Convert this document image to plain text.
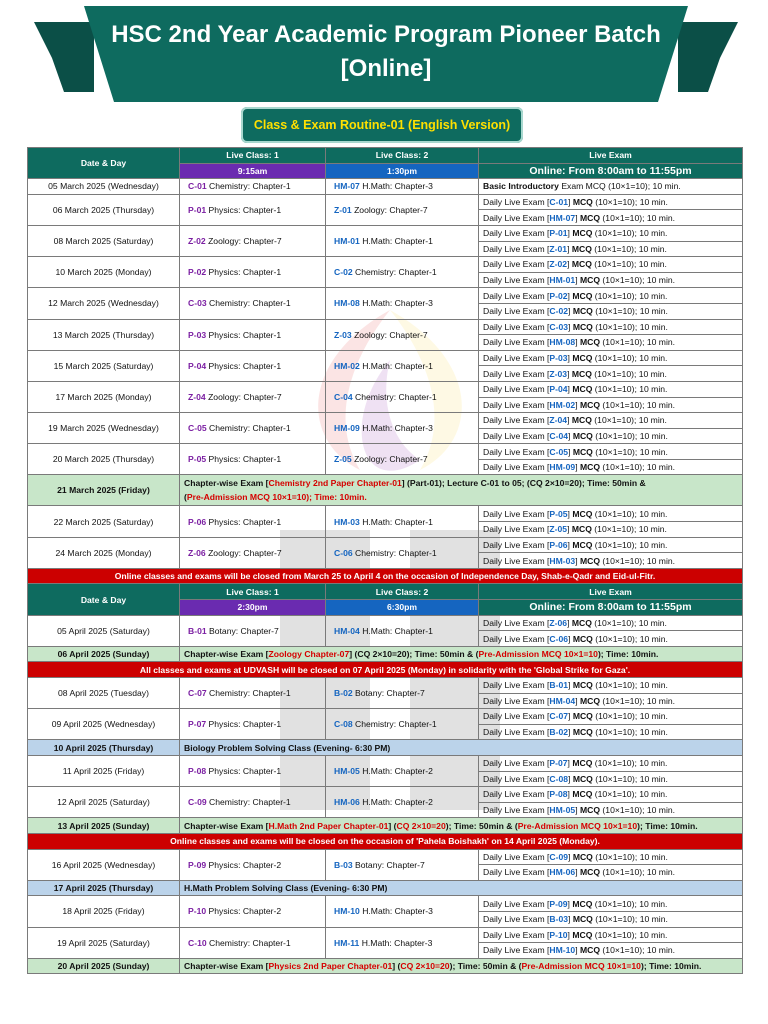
HSC 2nd Year Academic Program Pioneer Batch
[Online]
Class & Exam Routine-01 (English Version)
Date & Day	Live Class: 1	Live Class: 2	Live Exam
	9:15am	1:30pm	Online: From 8:00am to 11:55pm
05 March 2025 (Wednesday)	C-01 Chemistry: Chapter-1	HM-07 H.Math: Chapter-3	Basic Introductory Exam MCQ (10×1=10); 10 min.
06 March 2025 (Thursday)	P-01 Physics: Chapter-1	Z-01 Zoology: Chapter-7	Daily Live Exam [C-01] MCQ (10×1=10); 10 min.
			Daily Live Exam [HM-07] MCQ (10×1=10); 10 min.
08 March 2025 (Saturday)	Z-02 Zoology: Chapter-7	HM-01 H.Math: Chapter-1	Daily Live Exam [P-01] MCQ (10×1=10); 10 min.
			Daily Live Exam [Z-01] MCQ (10×1=10); 10 min.
10 March 2025 (Monday)	P-02 Physics: Chapter-1	C-02 Chemistry: Chapter-1	Daily Live Exam [Z-02] MCQ (10×1=10); 10 min.
			Daily Live Exam [HM-01] MCQ (10×1=10); 10 min.
12 March 2025 (Wednesday)	C-03 Chemistry: Chapter-1	HM-08 H.Math: Chapter-3	Daily Live Exam [P-02] MCQ (10×1=10); 10 min.
			Daily Live Exam [C-02] MCQ (10×1=10); 10 min.
13 March 2025 (Thursday)	P-03 Physics: Chapter-1	Z-03 Zoology: Chapter-7	Daily Live Exam [C-03] MCQ (10×1=10); 10 min.
			Daily Live Exam [HM-08] MCQ (10×1=10); 10 min.
15 March 2025 (Saturday)	P-04 Physics: Chapter-1	HM-02 H.Math: Chapter-1	Daily Live Exam [P-03] MCQ (10×1=10); 10 min.
			Daily Live Exam [Z-03] MCQ (10×1=10); 10 min.
17 March 2025 (Monday)	Z-04 Zoology: Chapter-7	C-04 Chemistry: Chapter-1	Daily Live Exam [P-04] MCQ (10×1=10); 10 min.
			Daily Live Exam [HM-02] MCQ (10×1=10); 10 min.
19 March 2025 (Wednesday)	C-05 Chemistry: Chapter-1	HM-09 H.Math: Chapter-3	Daily Live Exam [Z-04] MCQ (10×1=10); 10 min.
			Daily Live Exam [C-04] MCQ (10×1=10); 10 min.
20 March 2025 (Thursday)	P-05 Physics: Chapter-1	Z-05 Zoology: Chapter-7	Daily Live Exam [C-05] MCQ (10×1=10); 10 min.
			Daily Live Exam [HM-09] MCQ (10×1=10); 10 min.
21 March 2025 (Friday)	Chapter-wise Exam [Chemistry 2nd Paper Chapter-01] (Part-01); Lecture C-01 to 05; (CQ 2×10=20); Time: 50min &
(Pre-Admission MCQ 10×1=10); Time: 10min.		
22 March 2025 (Saturday)	P-06 Physics: Chapter-1	HM-03 H.Math: Chapter-1	Daily Live Exam [P-05] MCQ (10×1=10); 10 min.
			Daily Live Exam [Z-05] MCQ (10×1=10); 10 min.
24 March 2025 (Monday)	Z-06 Zoology: Chapter-7	C-06 Chemistry: Chapter-1	Daily Live Exam [P-06] MCQ (10×1=10); 10 min.
			Daily Live Exam [HM-03] MCQ (10×1=10); 10 min.
Online classes and exams will be closed from March 25 to April 4 on the occasion of Independence Day, Shab-e-Qadr and Eid-ul-Fitr.			
Date & Day	Live Class: 1	Live Class: 2	Live Exam
	2:30pm	6:30pm	Online: From 8:00am to 11:55pm
05 April 2025 (Saturday)	B-01 Botany: Chapter-7	HM-04 H.Math: Chapter-1	Daily Live Exam [Z-06] MCQ (10×1=10); 10 min.
			Daily Live Exam [C-06] MCQ (10×1=10); 10 min.
06 April 2025 (Sunday)	Chapter-wise Exam [Zoology Chapter-07] (CQ 2×10=20); Time: 50min & (Pre-Admission MCQ 10×1=10); Time: 10min.		
All classes and exams at UDVASH will be closed on 07 April 2025 (Monday) in solidarity with the 'Global Strike for Gaza'.			
08 April 2025 (Tuesday)	C-07 Chemistry: Chapter-1	B-02 Botany: Chapter-7	Daily Live Exam [B-01] MCQ (10×1=10); 10 min.
			Daily Live Exam [HM-04] MCQ (10×1=10); 10 min.
09 April 2025 (Wednesday)	P-07 Physics: Chapter-1	C-08 Chemistry: Chapter-1	Daily Live Exam [C-07] MCQ (10×1=10); 10 min.
			Daily Live Exam [B-02] MCQ (10×1=10); 10 min.
10 April 2025 (Thursday)	Biology Problem Solving Class (Evening- 6:30 PM)		
11 April 2025 (Friday)	P-08 Physics: Chapter-1	HM-05 H.Math: Chapter-2	Daily Live Exam [P-07] MCQ (10×1=10); 10 min.
			Daily Live Exam [C-08] MCQ (10×1=10); 10 min.
12 April 2025 (Saturday)	C-09 Chemistry: Chapter-1	HM-06 H.Math: Chapter-2	Daily Live Exam [P-08] MCQ (10×1=10); 10 min.
			Daily Live Exam [HM-05] MCQ (10×1=10); 10 min.
13 April 2025 (Sunday)	Chapter-wise Exam [H.Math 2nd Paper Chapter-01] (CQ 2×10=20); Time: 50min & (Pre-Admission MCQ 10×1=10); Time: 10min.		
Online classes and exams will be closed on the occasion of 'Pahela Boishakh' on 14 April 2025 (Monday).			
16 April 2025 (Wednesday)	P-09 Physics: Chapter-2	B-03 Botany: Chapter-7	Daily Live Exam [C-09] MCQ (10×1=10); 10 min.
			Daily Live Exam [HM-06] MCQ (10×1=10); 10 min.
17 April 2025 (Thursday)	H.Math Problem Solving Class (Evening- 6:30 PM)		
18 April 2025 (Friday)	P-10 Physics: Chapter-2	HM-10 H.Math: Chapter-3	Daily Live Exam [P-09] MCQ (10×1=10); 10 min.
			Daily Live Exam [B-03] MCQ (10×1=10); 10 min.
19 April 2025 (Saturday)	C-10 Chemistry: Chapter-1	HM-11 H.Math: Chapter-3	Daily Live Exam [P-10] MCQ (10×1=10); 10 min.
			Daily Live Exam [HM-10] MCQ (10×1=10); 10 min.
20 April 2025 (Sunday)	Chapter-wise Exam [Physics 2nd Paper Chapter-01] (CQ 2×10=20); Time: 50min & (Pre-Admission MCQ 10×1=10); Time: 10min.		
